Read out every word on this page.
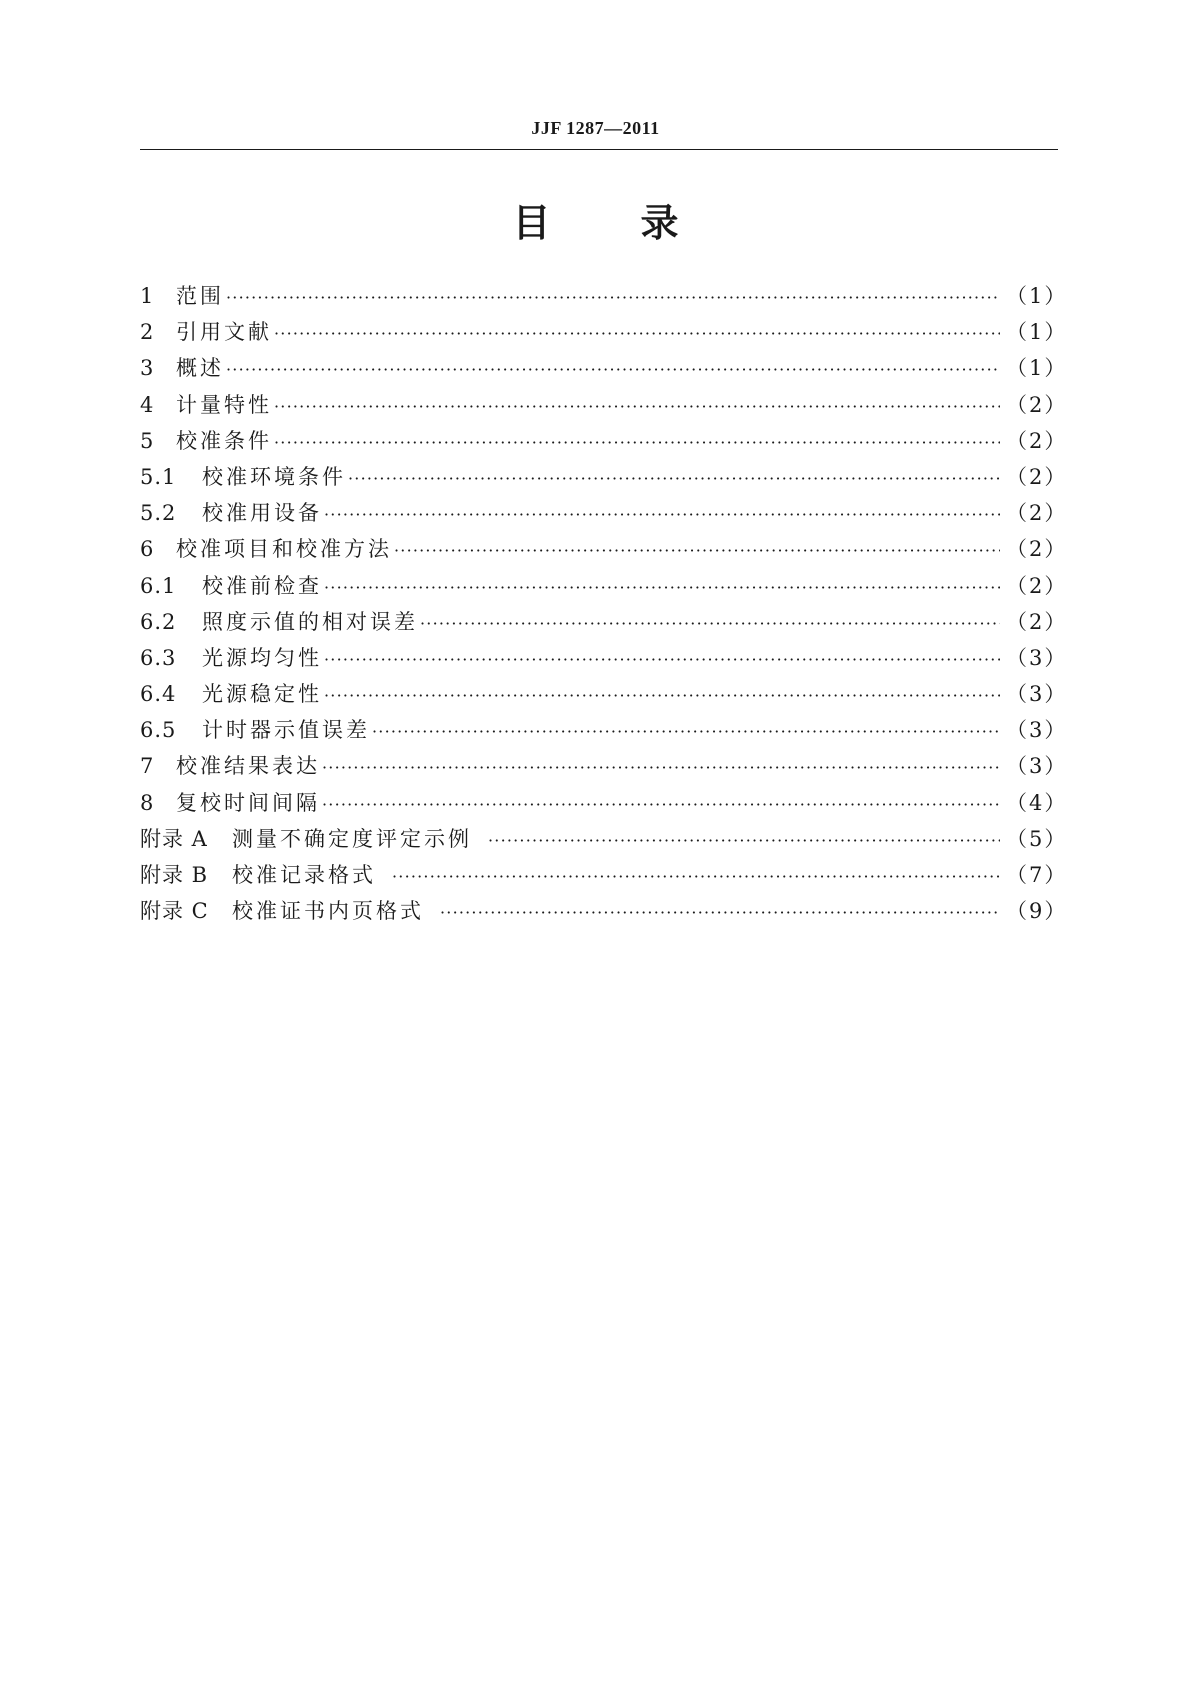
JJF 1287—2011
目 录
1	范围 ·····	（1）
2	引用文献 ·····	（1）
3	概述 ·····	（1）
4	计量特性 ·····	（2）
5	校准条件 ·····	（2）
5.1	校准环境条件 ·····	（2）
5.2	校准用设备 ·····	（2）
6	校准项目和校准方法 ·····	（2）
6.1	校准前检查 ·····	（2）
6.2	照度示值的相对误差 ·····	（2）
6.3	光源均匀性 ·····	（3）
6.4	光源稳定性 ·····	（3）
6.5	计时器示值误差 ·····	（3）
7	校准结果表达 ·····	（3）
8	复校时间间隔 ·····	（4）
附录 A	测量不确定度评定示例 ·····	（5）
附录 B	校准记录格式 ·····	（7）
附录 C	校准证书内页格式 ·····	（9）
